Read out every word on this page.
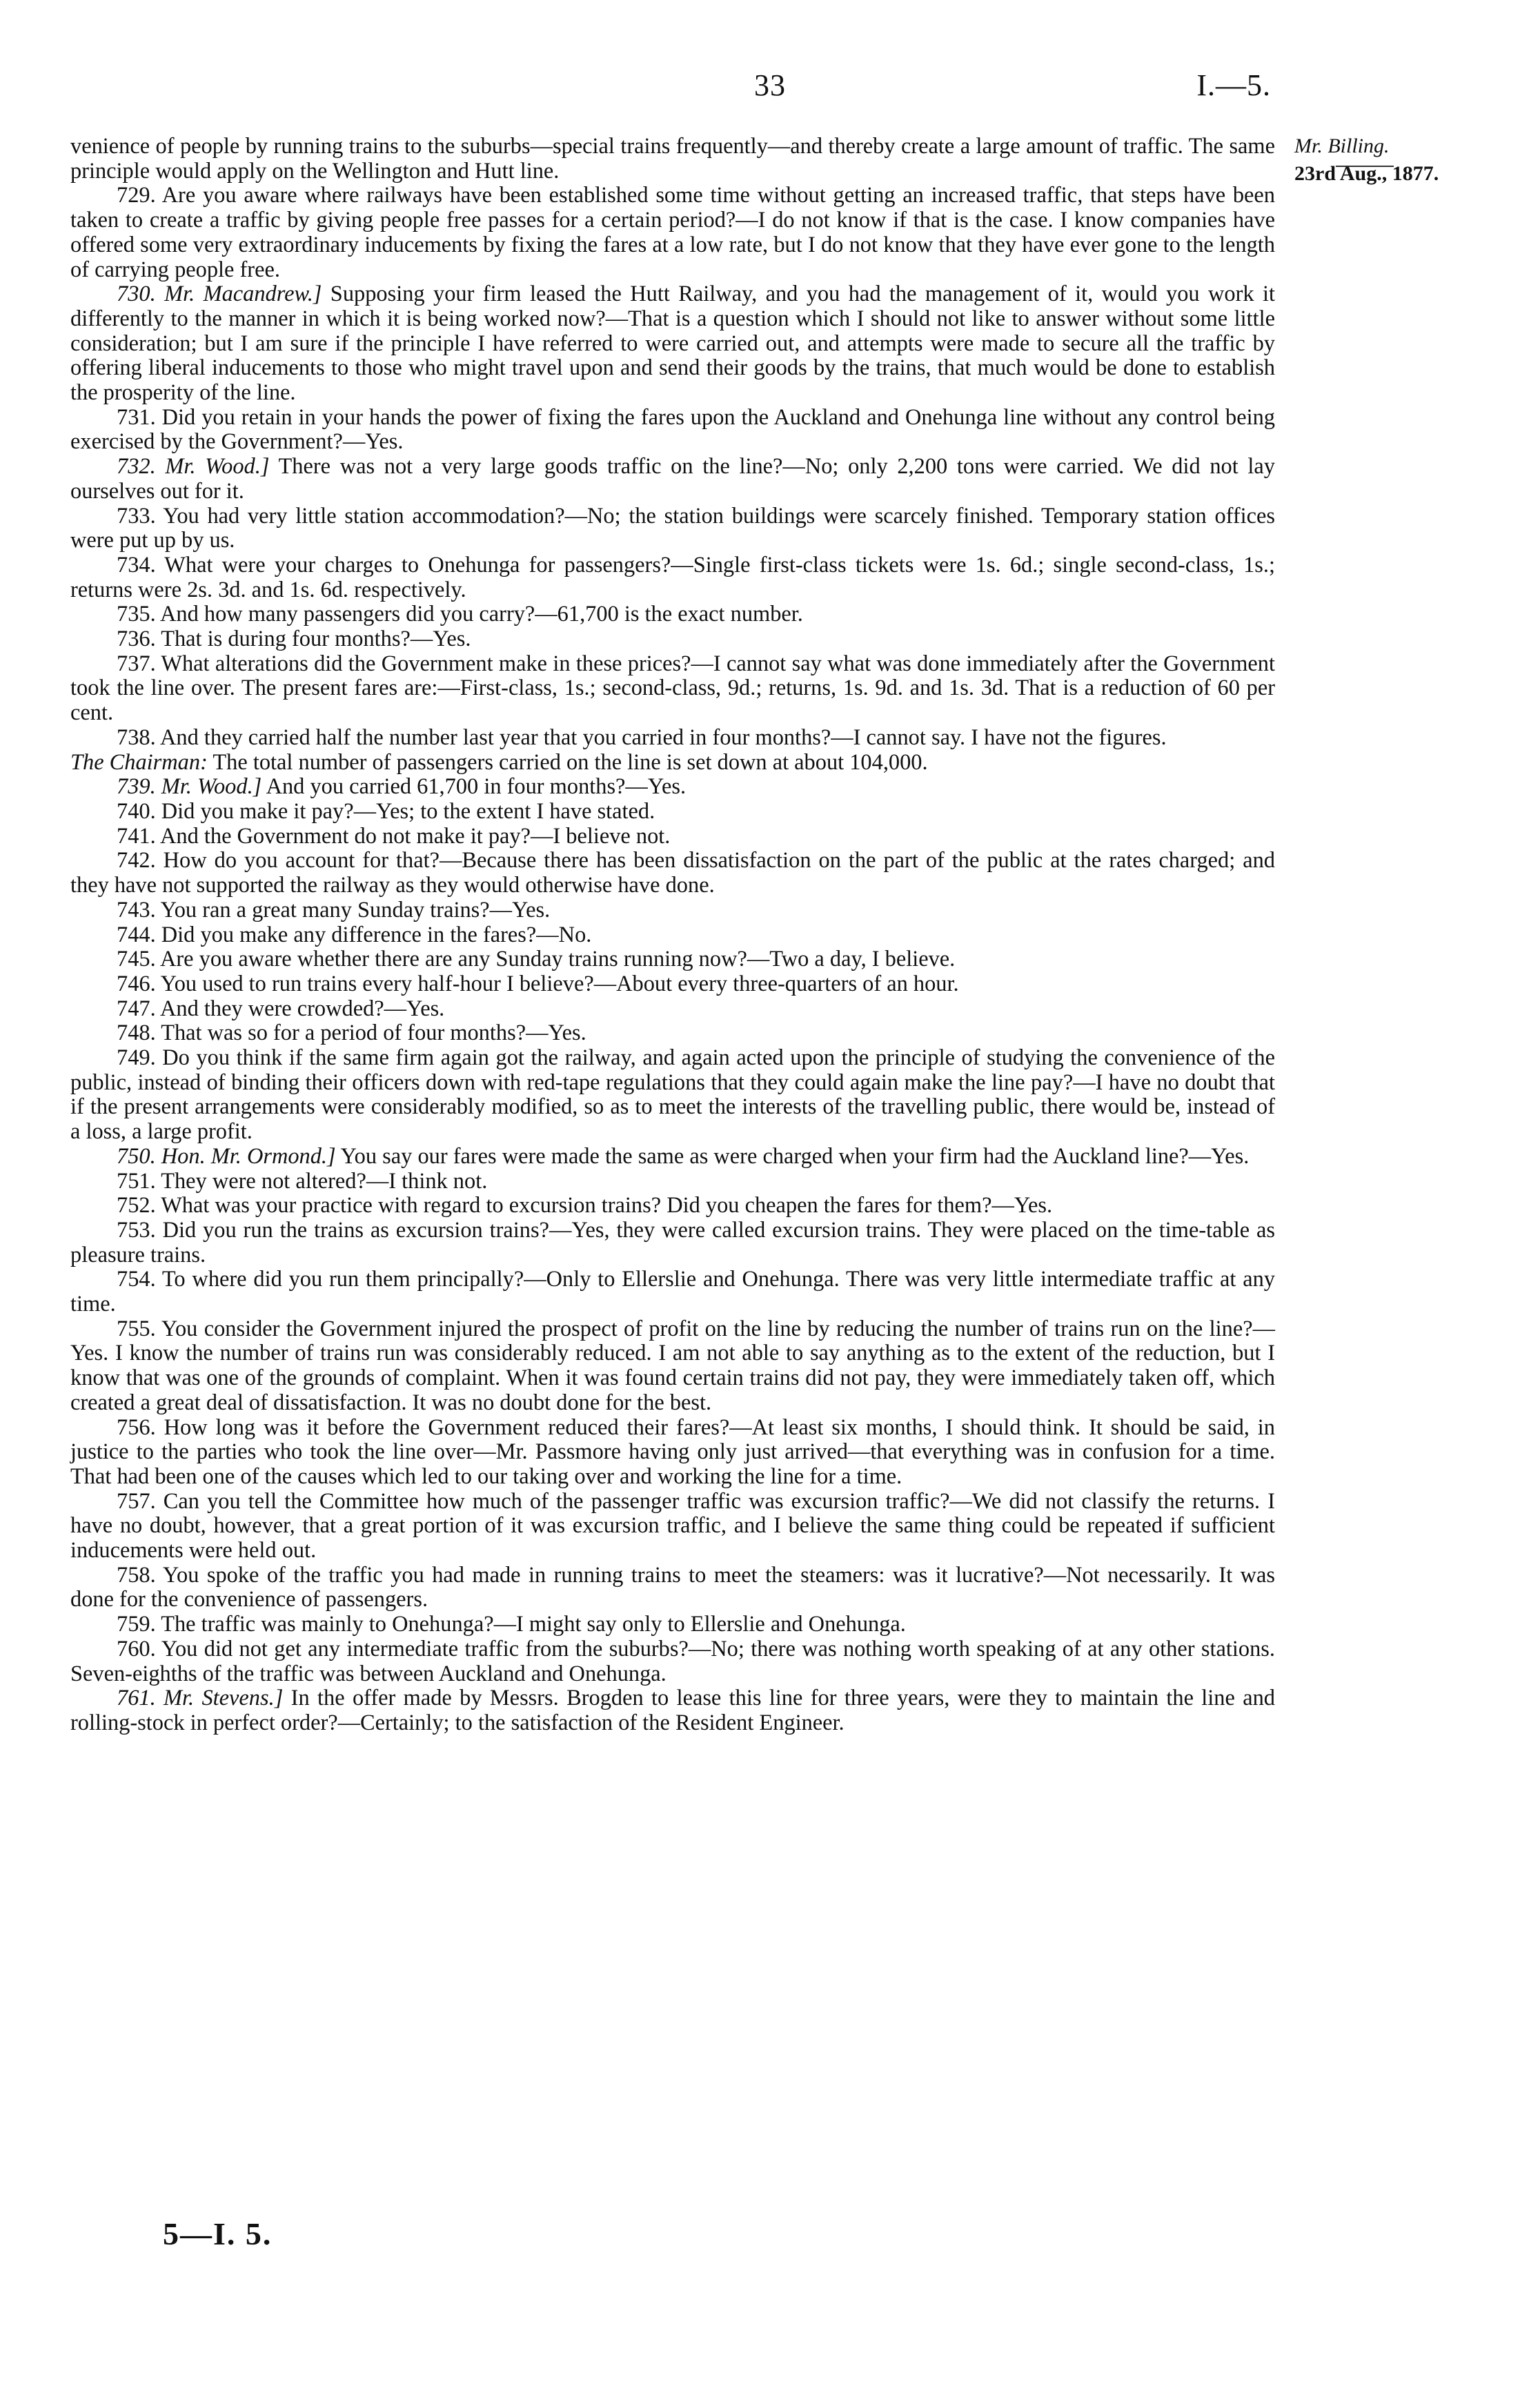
33	I.—5.
Mr. Billing.
23rd Aug., 1877.

venience of people by running trains to the suburbs—special trains frequently—and thereby create a large amount of traffic. The same principle would apply on the Wellington and Hutt line.

729. Are you aware where railways have been established some time without getting an increased traffic, that steps have been taken to create a traffic by giving people free passes for a certain period?—I do not know if that is the case. I know companies have offered some very extraordinary inducements by fixing the fares at a low rate, but I do not know that they have ever gone to the length of carrying people free.

730. Mr. Macandrew.] Supposing your firm leased the Hutt Railway, and you had the management of it, would you work it differently to the manner in which it is being worked now?—That is a question which I should not like to answer without some little consideration; but I am sure if the principle I have referred to were carried out, and attempts were made to secure all the traffic by offering liberal inducements to those who might travel upon and send their goods by the trains, that much would be done to establish the prosperity of the line.

731. Did you retain in your hands the power of fixing the fares upon the Auckland and Onehunga line without any control being exercised by the Government?—Yes.

732. Mr. Wood.] There was not a very large goods traffic on the line?—No; only 2,200 tons were carried. We did not lay ourselves out for it.

733. You had very little station accommodation?—No; the station buildings were scarcely finished. Temporary station offices were put up by us.

734. What were your charges to Onehunga for passengers?—Single first-class tickets were 1s. 6d.; single second-class, 1s.; returns were 2s. 3d. and 1s. 6d. respectively.

735. And how many passengers did you carry?—61,700 is the exact number.

736. That is during four months?—Yes.

737. What alterations did the Government make in these prices?—I cannot say what was done immediately after the Government took the line over. The present fares are:—First-class, 1s.; second-class, 9d.; returns, 1s. 9d. and 1s. 3d. That is a reduction of 60 per cent.

738. And they carried half the number last year that you carried in four months?—I cannot say. I have not the figures.

The Chairman: The total number of passengers carried on the line is set down at about 104,000.

739. Mr. Wood.] And you carried 61,700 in four months?—Yes.

740. Did you make it pay?—Yes; to the extent I have stated.

741. And the Government do not make it pay?—I believe not.

742. How do you account for that?—Because there has been dissatisfaction on the part of the public at the rates charged; and they have not supported the railway as they would otherwise have done.

743. You ran a great many Sunday trains?—Yes.

744. Did you make any difference in the fares?—No.

745. Are you aware whether there are any Sunday trains running now?—Two a day, I believe.

746. You used to run trains every half-hour I believe?—About every three-quarters of an hour.

747. And they were crowded?—Yes.

748. That was so for a period of four months?—Yes.

749. Do you think if the same firm again got the railway, and again acted upon the principle of studying the convenience of the public, instead of binding their officers down with red-tape regulations that they could again make the line pay?—I have no doubt that if the present arrangements were considerably modified, so as to meet the interests of the travelling public, there would be, instead of a loss, a large profit.

750. Hon. Mr. Ormond.] You say our fares were made the same as were charged when your firm had the Auckland line?—Yes.

751. They were not altered?—I think not.

752. What was your practice with regard to excursion trains? Did you cheapen the fares for them?—Yes.

753. Did you run the trains as excursion trains?—Yes, they were called excursion trains. They were placed on the time-table as pleasure trains.

754. To where did you run them principally?—Only to Ellerslie and Onehunga. There was very little intermediate traffic at any time.

755. You consider the Government injured the prospect of profit on the line by reducing the number of trains run on the line?—Yes. I know the number of trains run was considerably reduced. I am not able to say anything as to the extent of the reduction, but I know that was one of the grounds of complaint. When it was found certain trains did not pay, they were immediately taken off, which created a great deal of dissatisfaction. It was no doubt done for the best.

756. How long was it before the Government reduced their fares?—At least six months, I should think. It should be said, in justice to the parties who took the line over—Mr. Passmore having only just arrived—that everything was in confusion for a time. That had been one of the causes which led to our taking over and working the line for a time.

757. Can you tell the Committee how much of the passenger traffic was excursion traffic?—We did not classify the returns. I have no doubt, however, that a great portion of it was excursion traffic, and I believe the same thing could be repeated if sufficient inducements were held out.

758. You spoke of the traffic you had made in running trains to meet the steamers: was it lucrative?—Not necessarily. It was done for the convenience of passengers.

759. The traffic was mainly to Onehunga?—I might say only to Ellerslie and Onehunga.

760. You did not get any intermediate traffic from the suburbs?—No; there was nothing worth speaking of at any other stations. Seven-eighths of the traffic was between Auckland and Onehunga.

761. Mr. Stevens.] In the offer made by Messrs. Brogden to lease this line for three years, were they to maintain the line and rolling-stock in perfect order?—Certainly; to the satisfaction of the Resident Engineer.

5—I. 5.
